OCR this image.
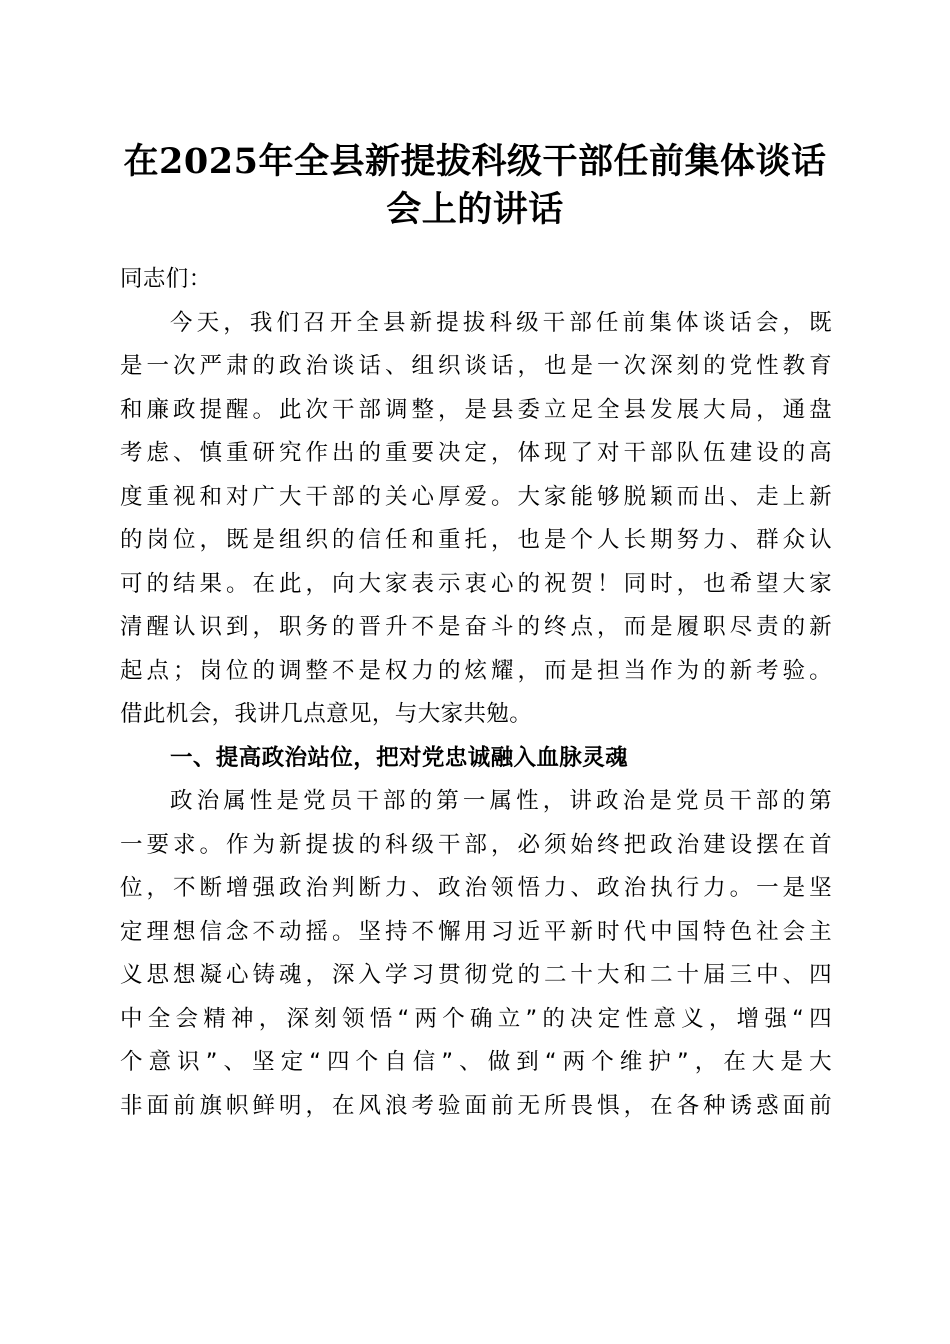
在2025年全县新提拔科级干部任前集体谈话
会上的讲话
同志们：
今天，我们召开全县新提拔科级干部任前集体谈话会，既
是一次严肃的政治谈话、组织谈话，也是一次深刻的党性教育
和廉政提醒。此次干部调整，是县委立足全县发展大局，通盘
考虑、慎重研究作出的重要决定，体现了对干部队伍建设的高
度重视和对广大干部的关心厚爱。大家能够脱颖而出、走上新
的岗位，既是组织的信任和重托，也是个人长期努力、群众认
可的结果。在此，向大家表示衷心的祝贺！同时，也希望大家
清醒认识到，职务的晋升不是奋斗的终点，而是履职尽责的新
起点；岗位的调整不是权力的炫耀，而是担当作为的新考验。
借此机会，我讲几点意见，与大家共勉。
一、提高政治站位，把对党忠诚融入血脉灵魂
政治属性是党员干部的第一属性，讲政治是党员干部的第
一要求。作为新提拔的科级干部，必须始终把政治建设摆在首
位，不断增强政治判断力、政治领悟力、政治执行力。一是坚
定理想信念不动摇。坚持不懈用习近平新时代中国特色社会主
义思想凝心铸魂，深入学习贯彻党的二十大和二十届三中、四
中全会精神，深刻领悟“两个确立”的决定性意义，增强“四
个意识”、坚定“四个自信”、做到“两个维护”，在大是大
非面前旗帜鲜明，在风浪考验面前无所畏惧，在各种诱惑面前
